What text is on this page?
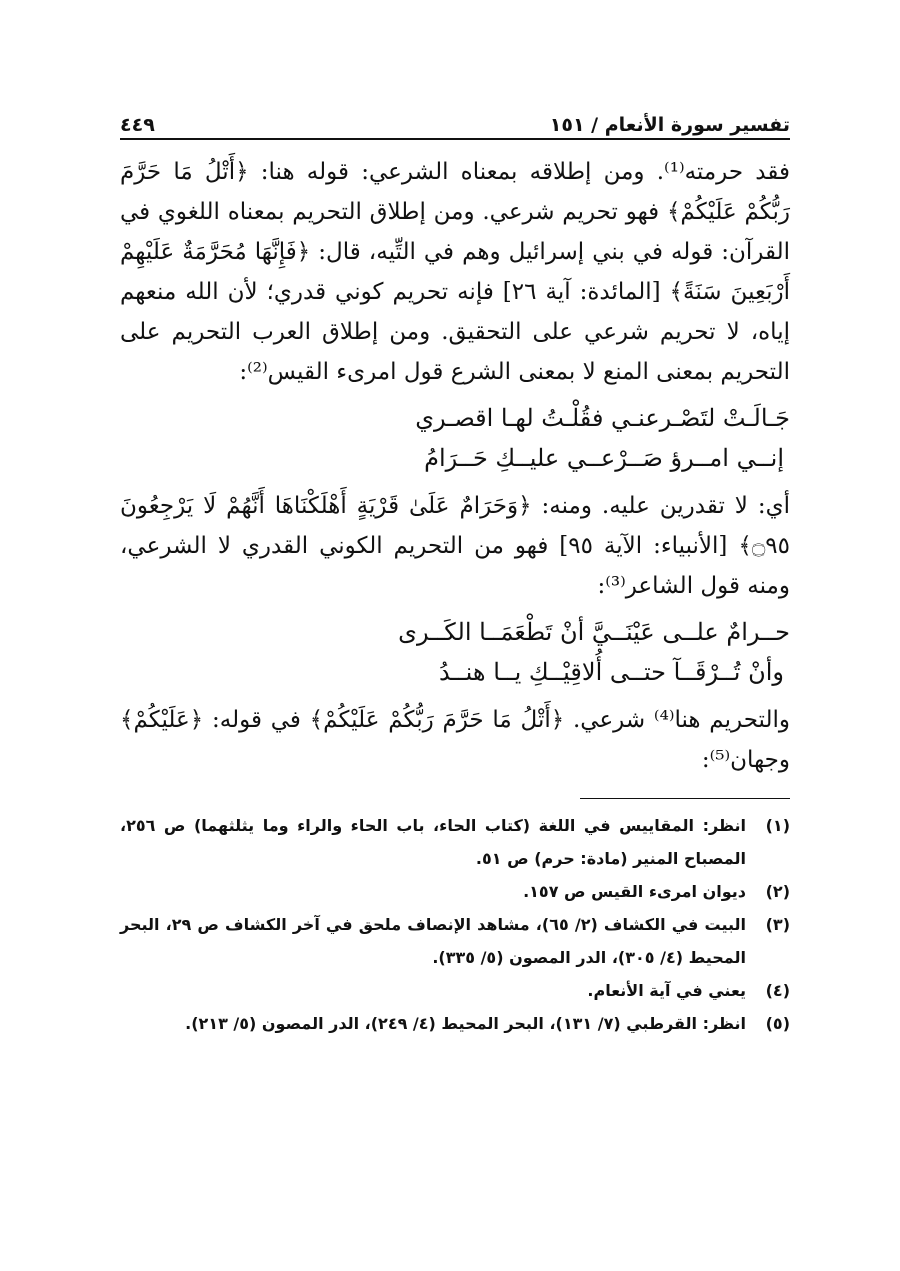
تفسير سورة الأنعام / ١٥١
٤٤٩

فقد حرمته⁽¹⁾. ومن إطلاقه بمعناه الشرعي: قوله هنا: ﴿أَتْلُ مَا حَرَّمَ رَبُّكُمْ عَلَيْكُمْ﴾ فهو تحريم شرعي. ومن إطلاق التحريم بمعناه اللغوي في القرآن: قوله في بني إسرائيل وهم في التِّيه، قال: ﴿فَإِنَّهَا مُحَرَّمَةٌ عَلَيْهِمْ أَرْبَعِينَ سَنَةً﴾ [المائدة: آية ٢٦] فإنه تحريم كوني قدري؛ لأن الله منعهم إياه، لا تحريم شرعي على التحقيق. ومن إطلاق العرب التحريم على التحريم بمعنى المنع لا بمعنى الشرع قول امرىء القيس⁽²⁾:

جَـالَـتْ لتَصْـرعنـي فقُلْـتُ لهـا اقصـري
إنــي امــرؤ صَــرْعــي عليــكِ حَــرَامُ

أي: لا تقدرين عليه. ومنه: ﴿وَحَرَامٌ عَلَىٰ قَرْيَةٍ أَهْلَكْنَاهَا أَنَّهُمْ لَا يَرْجِعُونَ ۝٩٥﴾ [الأنبياء: الآية ٩٥] فهو من التحريم الكوني القدري لا الشرعي، ومنه قول الشاعر⁽³⁾:

حــرامٌ علــى عَيْنَــيَّ أنْ تَطْعَمَــا الكَــرى
وأنْ تُــرْقَــآ حتــى أُلاقِيْــكِ يــا هنــدُ

والتحريم هنا⁽⁴⁾ شرعي. ﴿أَتْلُ مَا حَرَّمَ رَبُّكُمْ عَلَيْكُمْ﴾ في قوله: ﴿عَلَيْكُمْ﴾ وجهان⁽⁵⁾:

(١)
انظر: المقاييس في اللغة (كتاب الحاء، باب الحاء والراء وما يثلثهما) ص ٢٥٦، المصباح المنير (مادة: حرم) ص ٥١.
(٢)
ديوان امرىء القيس ص ١٥٧.
(٣)
البيت في الكشاف (٢/ ٦٥)، مشاهد الإنصاف ملحق في آخر الكشاف ص ٢٩، البحر المحيط (٤/ ٣٠٥)، الدر المصون (٥/ ٣٣٥).
(٤)
يعني في آية الأنعام.
(٥)
انظر: القرطبي (٧/ ١٣١)، البحر المحيط (٤/ ٢٤٩)، الدر المصون (٥/ ٢١٣).
